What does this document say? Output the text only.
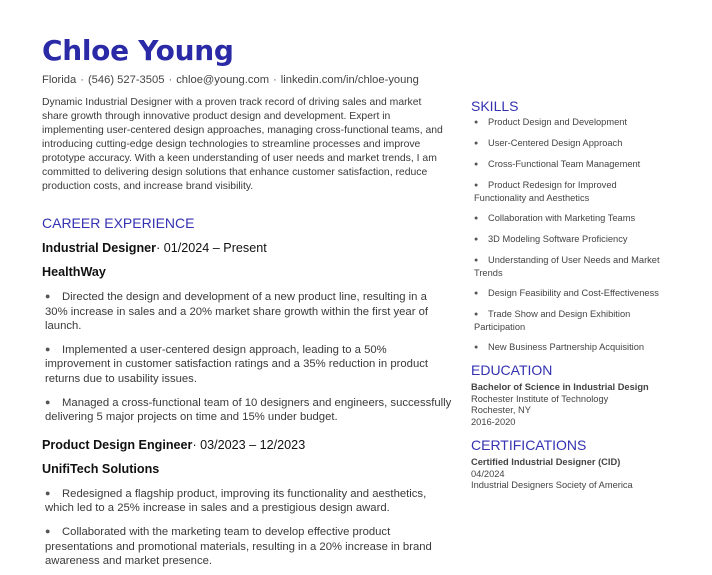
Chloe Young
Florida · (546) 527-3505 · chloe@young.com · linkedin.com/in/chloe-young

Dynamic Industrial Designer with a proven track record of driving sales and market share growth through innovative product design and development. Expert in implementing user-centered design approaches, managing cross-functional teams, and introducing cutting-edge design technologies to streamline processes and improve prototype accuracy. With a keen understanding of user needs and market trends, I am committed to delivering design solutions that enhance customer satisfaction, reduce production costs, and increase brand visibility.

CAREER EXPERIENCE
Industrial Designer· 01/2024 – Present
HealthWay
● Directed the design and development of a new product line, resulting in a 30% increase in sales and a 20% market share growth within the first year of launch.
● Implemented a user-centered design approach, leading to a 50% improvement in customer satisfaction ratings and a 35% reduction in product returns due to usability issues.
● Managed a cross-functional team of 10 designers and engineers, successfully delivering 5 major projects on time and 15% under budget.
Product Design Engineer· 03/2023 – 12/2023
UnifiTech Solutions
● Redesigned a flagship product, improving its functionality and aesthetics, which led to a 25% increase in sales and a prestigious design award.
● Collaborated with the marketing team to develop effective product presentations and promotional materials, resulting in a 20% increase in brand awareness and market presence.
SKILLS
● Product Design and Development
● User-Centered Design Approach
● Cross-Functional Team Management
● Product Redesign for Improved Functionality and Aesthetics
● Collaboration with Marketing Teams
● 3D Modeling Software Proficiency
● Understanding of User Needs and Market Trends
● Design Feasibility and Cost-Effectiveness
● Trade Show and Design Exhibition Participation
● New Business Partnership Acquisition
EDUCATION
Bachelor of Science in Industrial Design
Rochester Institute of Technology
Rochester, NY
2016-2020
CERTIFICATIONS
Certified Industrial Designer (CID)
04/2024
Industrial Designers Society of America
